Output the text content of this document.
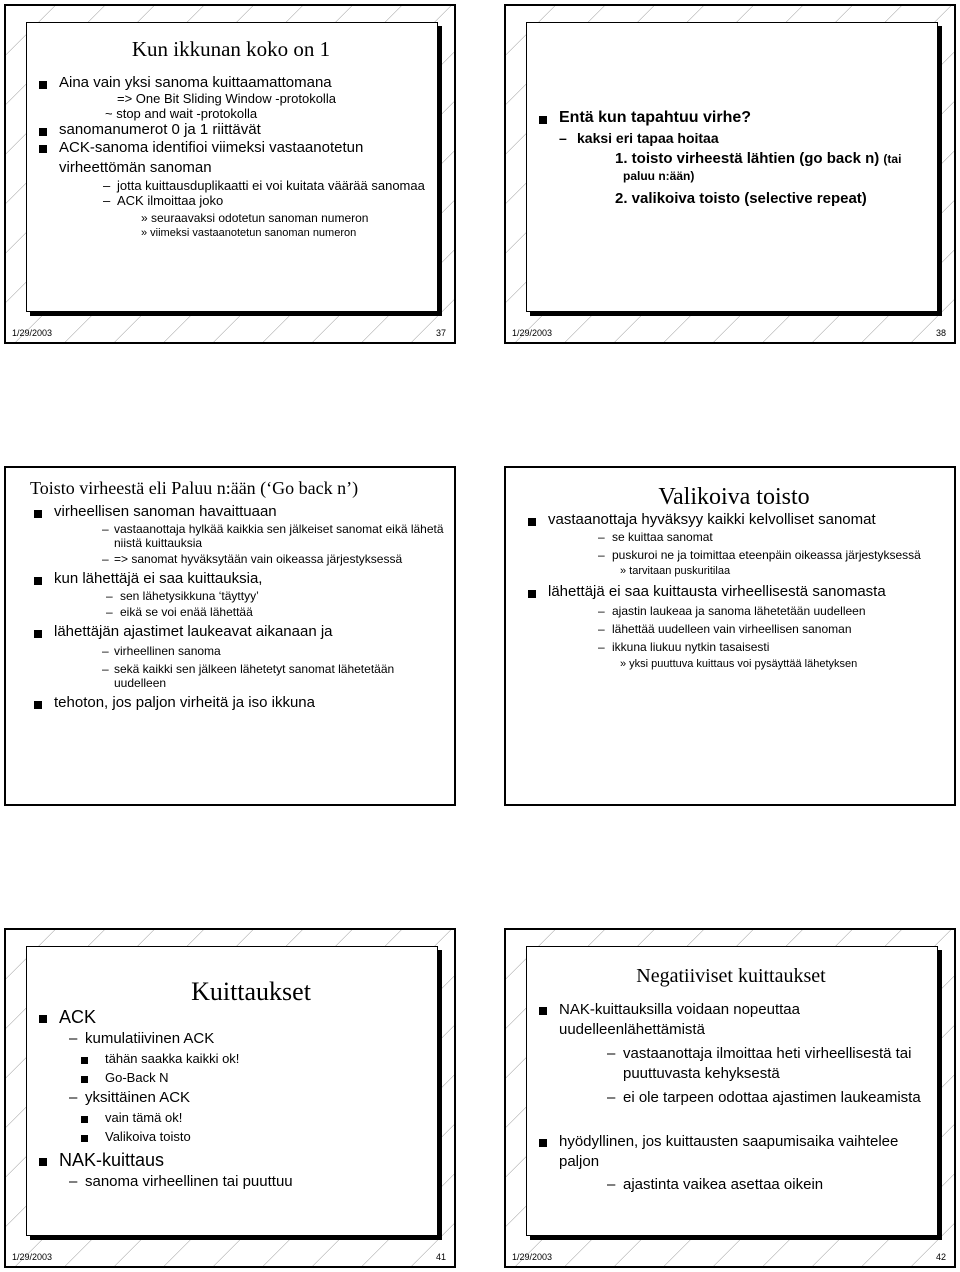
Kun ikkunan koko on 1

Aina vain yksi sanoma kuittaamattomana

=> One Bit Sliding Window -protokolla

~ stop and wait -protokolla

sanomanumerot 0 ja 1 riittävät

ACK-sanoma identifioi viimeksi vastaanotetun virheettömän sanoman

– jotta kuittausduplikaatti ei voi kuitata väärää sanomaa

– ACK ilmoittaa joko

» seuraavaksi odotetun sanoman numeron

» viimeksi vastaanotetun sanoman numeron

1/29/2003	37

Entä kun tapahtuu virhe?

– kaksi eri tapaa hoitaa

1. toisto virheestä lähtien (go back n) (tai paluu n:ään)

2. valikoiva toisto (selective repeat)

1/29/2003	38
Toisto virheestä eli Paluu n:ään (‘Go back n’)

virheellisen sanoman havaittuaan

– vastaanottaja hylkää kaikkia sen jälkeiset sanomat eikä lähetä niistä kuittauksia

– => sanomat hyväksytään vain oikeassa järjestyksessä

kun lähettäjä ei saa kuittauksia,

– sen lähetysikkuna ‘täyttyy’

– eikä se voi enää lähettää

lähettäjän ajastimet laukeavat aikanaan ja

– virheellinen sanoma

– sekä kaikki sen jälkeen lähetetyt sanomat lähetetään uudelleen

tehoton, jos paljon virheitä ja iso ikkuna

Valikoiva toisto

vastaanottaja hyväksyy kaikki kelvolliset sanomat

– se kuittaa sanomat

– puskuroi ne ja toimittaa eteenpäin oikeassa järjestyksessä

» tarvitaan puskuritilaa

lähettäjä ei saa kuittausta virheellisestä sanomasta

– ajastin laukeaa ja sanoma lähetetään uudelleen

– lähettää uudelleen vain virheellisen sanoman

– ikkuna liukuu nytkin tasaisesti

» yksi puuttuva kuittaus voi pysäyttää lähetyksen

Kuittaukset

ACK

– kumulatiivinen ACK

tähän saakka kaikki ok!

Go-Back N

– yksittäinen ACK

vain tämä ok!

Valikoiva toisto

NAK-kuittaus

– sanoma virheellinen tai puuttuu

1/29/2003	41
Negatiiviset kuittaukset

NAK-kuittauksilla voidaan nopeuttaa uudelleenlähettämistä

– vastaanottaja ilmoittaa heti virheellisestä tai puuttuvasta kehyksestä

– ei ole tarpeen odottaa ajastimen laukeamista

hyödyllinen, jos kuittausten saapumisaika vaihtelee paljon

– ajastinta vaikea asettaa oikein

1/29/2003	42
